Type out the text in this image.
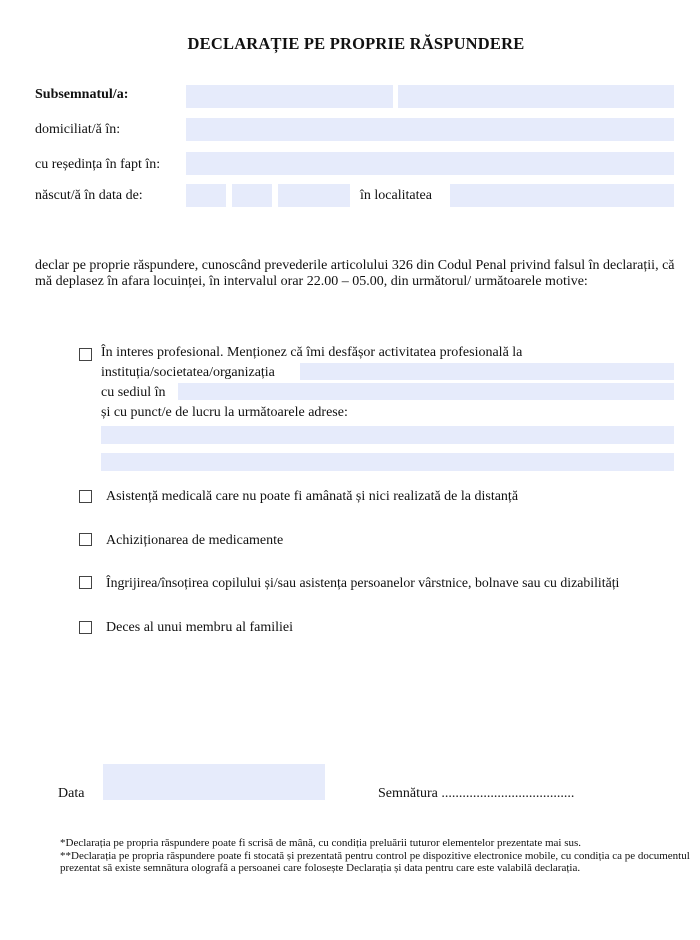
DECLARAȚIE PE PROPRIE RĂSPUNDERE
Subsemnatul/a:
domiciliat/ă în:
cu reședința în fapt în:
născut/ă în data de:	în localitatea
declar pe proprie răspundere, cunoscând prevederile articolului 326 din Codul Penal privind falsul în declarații, că mă deplasez în afara locuinței, în intervalul orar 22.00 – 05.00, din următorul/ următoarele motive:
În interes profesional. Menționez că îmi desfășor activitatea profesională la
instituția/societatea/organizația
cu sediul în
și cu punct/e de lucru la următoarele adrese:
Asistență medicală care nu poate fi amânată și nici realizată de la distanță
Achiziționarea de medicamente
Îngrijirea/însoțirea copilului și/sau asistența persoanelor vârstnice, bolnave sau cu dizabilități
Deces al unui membru al familiei
Data	Semnătura ......................................

*Declarația pe propria răspundere poate fi scrisă de mână, cu condiția preluării tuturor elementelor prezentate mai sus.

**Declarația pe propria răspundere poate fi stocată și prezentată pentru control pe dispozitive electronice mobile, cu condiția ca pe documentul prezentat să existe semnătura olografă a persoanei care folosește Declarația și data pentru care este valabilă declarația.
